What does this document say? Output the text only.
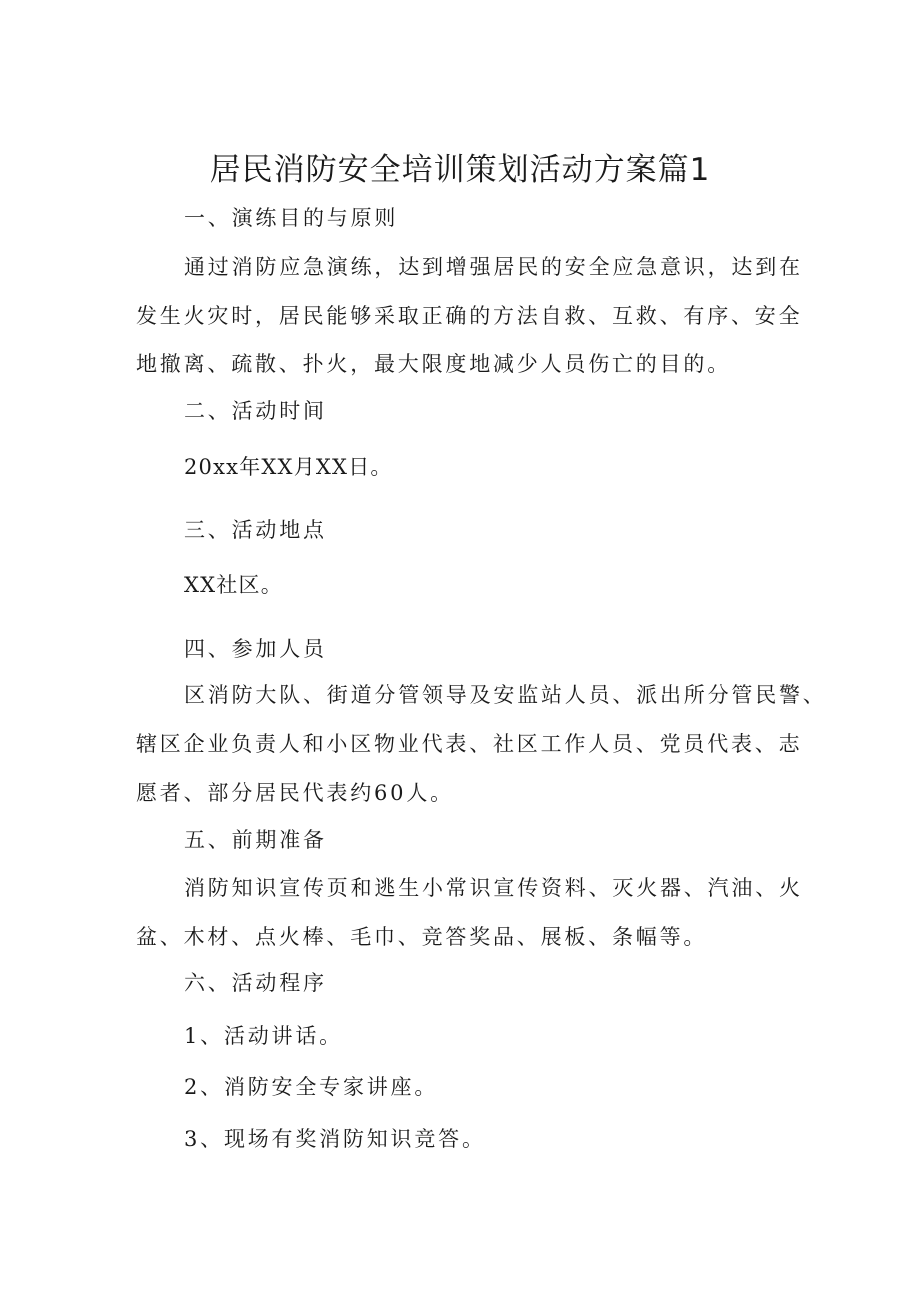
居民消防安全培训策划活动方案篇1
一、演练目的与原则
通过消防应急演练，达到增强居民的安全应急意识，达到在
发生火灾时，居民能够采取正确的方法自救、互救、有序、安全
地撤离、疏散、扑火，最大限度地减少人员伤亡的目的。
二、活动时间
20xx年XX月XX日。
三、活动地点
XX社区。
四、参加人员
区消防大队、街道分管领导及安监站人员、派出所分管民警、
辖区企业负责人和小区物业代表、社区工作人员、党员代表、志
愿者、部分居民代表约60人。
五、前期准备
消防知识宣传页和逃生小常识宣传资料、灭火器、汽油、火
盆、木材、点火棒、毛巾、竞答奖品、展板、条幅等。
六、活动程序
1、活动讲话。
2、消防安全专家讲座。
3、现场有奖消防知识竞答。
